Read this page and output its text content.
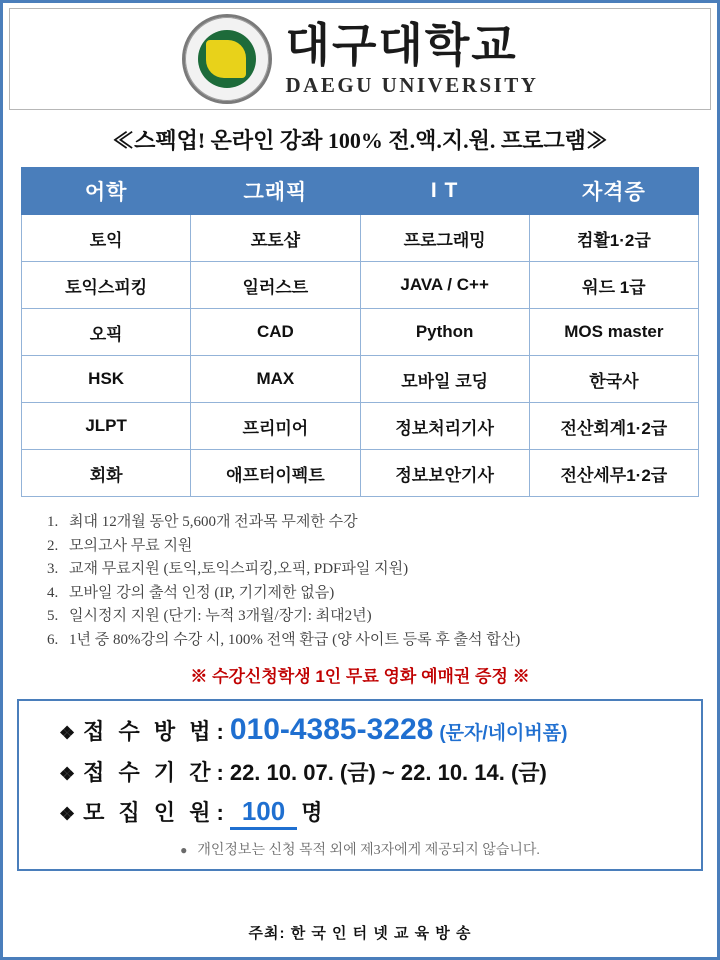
대구대학교
DAEGU UNIVERSITY
≪스펙업! 온라인 강좌 100% 전.액.지.원. 프로그램≫
어학	그래픽	I T	자격증
토익	포토샵	프로그래밍	컴활1·2급
토익스피킹	일러스트	JAVA / C++	워드 1급
오픽	CAD	Python	MOS master
HSK	MAX	모바일 코딩	한국사
JLPT	프리미어	정보처리기사	전산회계1·2급
회화	애프터이펙트	정보보안기사	전산세무1·2급
1. 최대 12개월 동안 5,600개 전과목 무제한 수강
2. 모의고사 무료 지원
3. 교재 무료지원 (토익,토익스피킹,오픽, PDF파일 지원)
4. 모바일 강의 출석 인정 (IP, 기기제한 없음)
5. 일시정지 지원 (단기: 누적 3개월/장기: 최대2년)
6. 1년 중 80%강의 수강 시, 100% 전액 환급 (양 사이트 등록 후 출석 합산)
※ 수강신청학생 1인 무료 영화 예매권 증정 ※
❖ 접 수 방 법 : 010-4385-3228 (문자/네이버폼)
❖ 접 수 기 간 : 22. 10. 07. (금) ~ 22. 10. 14. (금)
❖ 모 집 인 원 : 100 명
● 개인정보는 신청 목적 외에 제3자에게 제공되지 않습니다.
주최: 한 국 인 터 넷 교 육 방 송
